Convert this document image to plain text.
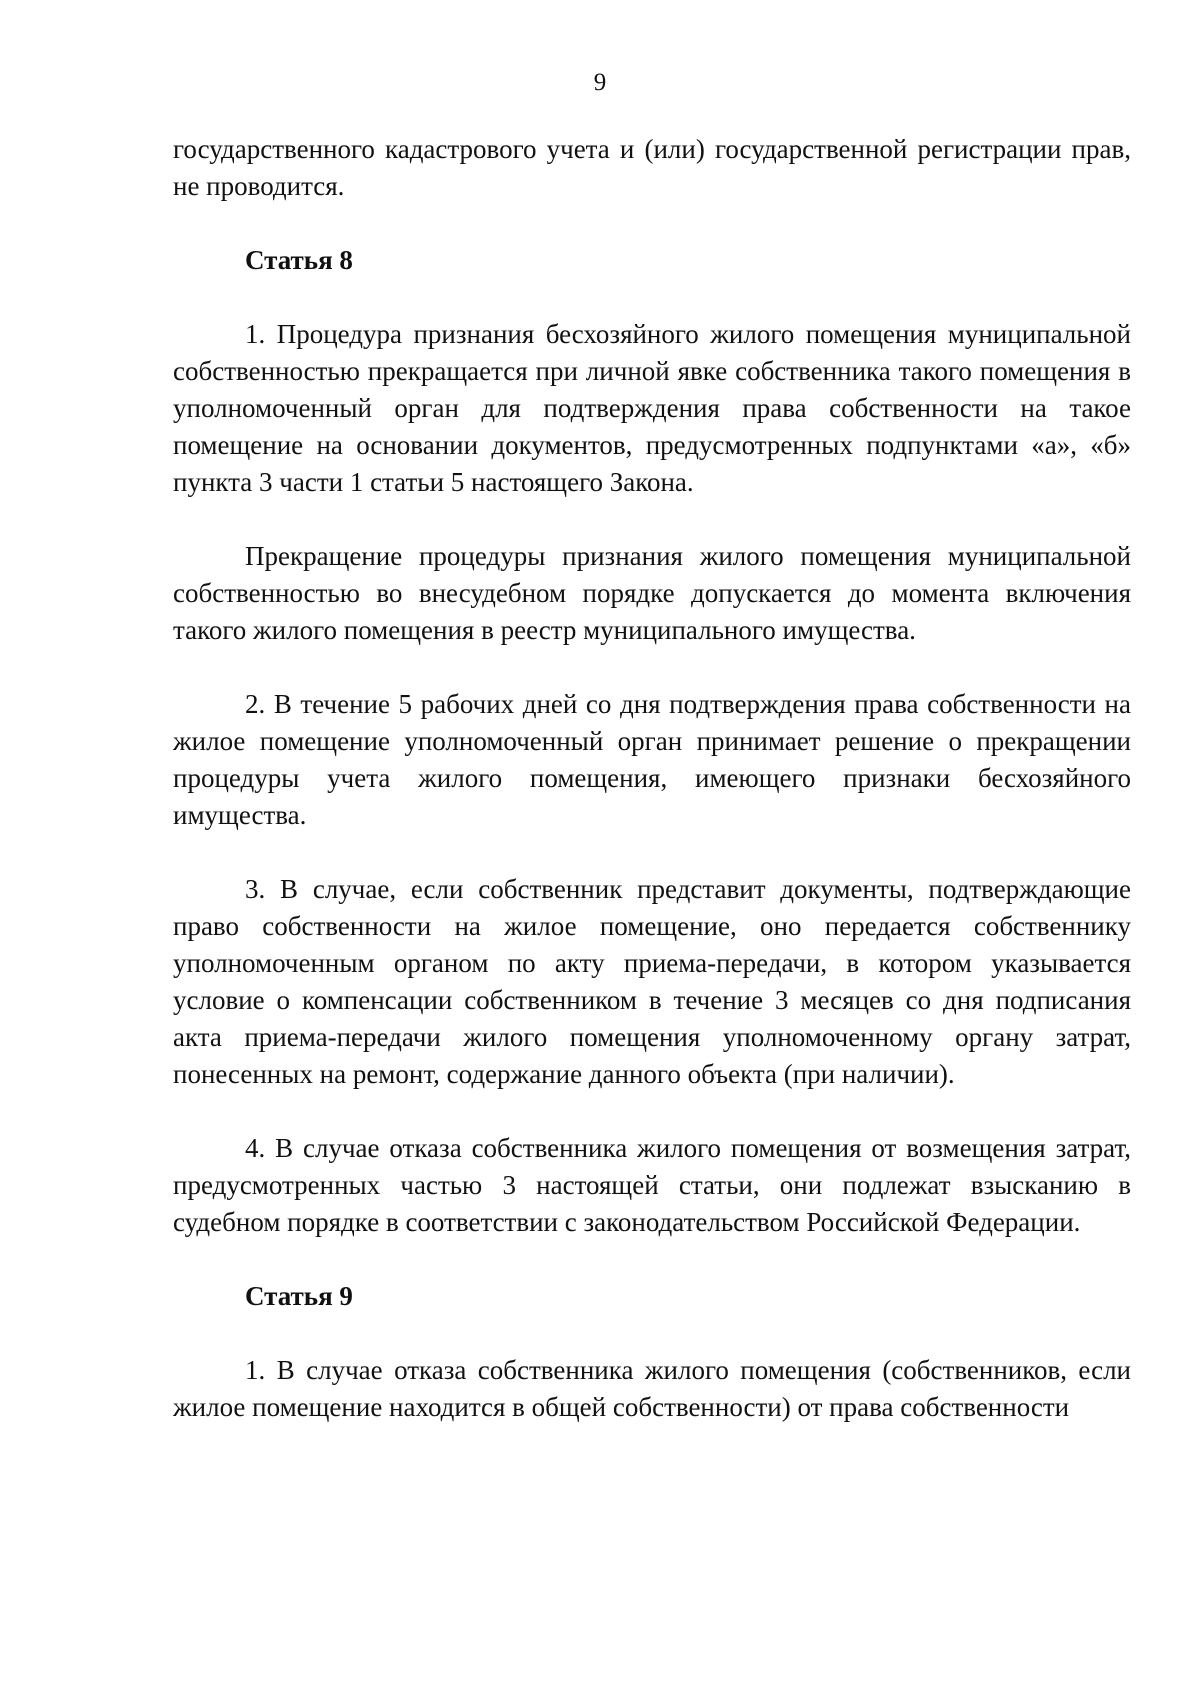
9

государственного кадастрового учета и (или) государственной регистрации прав, не проводится.

Статья 8

1. Процедура признания бесхозяйного жилого помещения муниципальной собственностью прекращается при личной явке собственника такого помещения в уполномоченный орган для подтверждения права собственности на такое помещение на основании документов, предусмотренных подпунктами «а», «б» пункта 3 части 1 статьи 5 настоящего Закона.

Прекращение процедуры признания жилого помещения муниципальной собственностью во внесудебном порядке допускается до момента включения такого жилого помещения в реестр муниципального имущества.

2. В течение 5 рабочих дней со дня подтверждения права собственности на жилое помещение уполномоченный орган принимает решение о прекращении процедуры учета жилого помещения, имеющего признаки бесхозяйного имущества.

3. В случае, если собственник представит документы, подтверждающие право собственности на жилое помещение, оно передается собственнику уполномоченным органом по акту приема-передачи, в котором указывается условие о компенсации собственником в течение 3 месяцев со дня подписания акта приема-передачи жилого помещения уполномоченному органу затрат, понесенных на ремонт, содержание данного объекта (при наличии).

4. В случае отказа собственника жилого помещения от возмещения затрат, предусмотренных частью 3 настоящей статьи, они подлежат взысканию в судебном порядке в соответствии с законодательством Российской Федерации.

Статья 9

1. В случае отказа собственника жилого помещения (собственников, если жилое помещение находится в общей собственности) от права собственности
